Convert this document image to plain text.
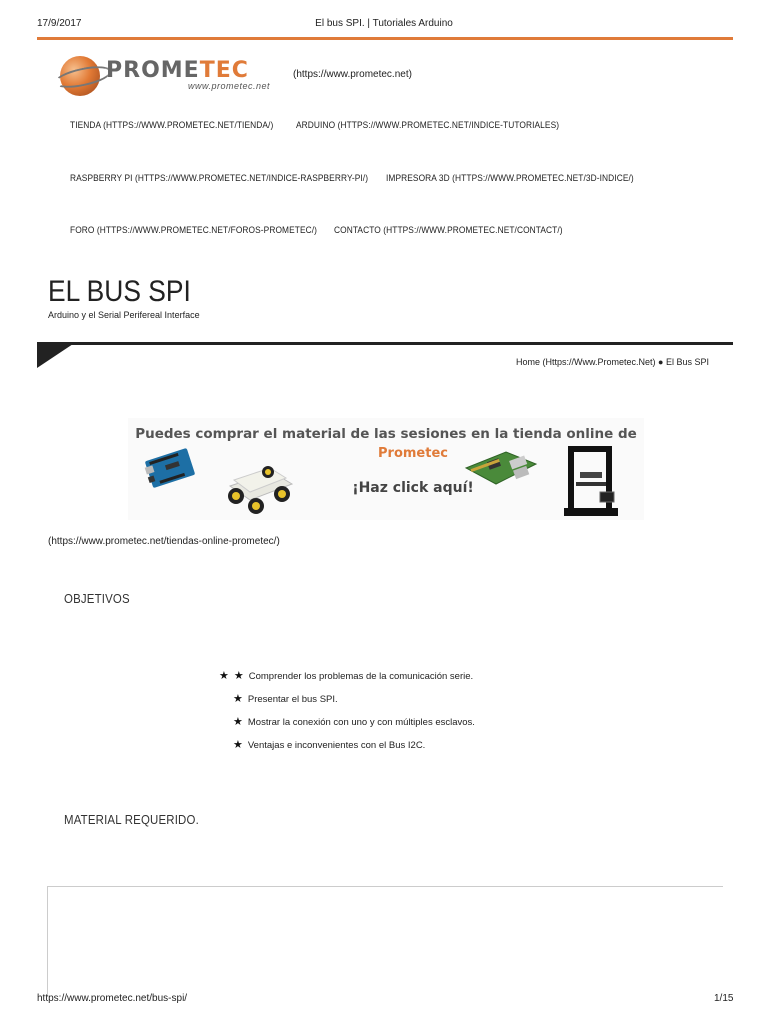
17/9/2017	El bus SPI. | Tutoriales Arduino
PROMETEC
www.prometec.net
(https://www.prometec.net)
TIENDA (HTTPS://WWW.PROMETEC.NET/TIENDA/) ARDUINO (HTTPS://WWW.PROMETEC.NET/INDICE-TUTORIALES)
RASPBERRY PI (HTTPS://WWW.PROMETEC.NET/INDICE-RASPBERRY-PI/) IMPRESORA 3D (HTTPS://WWW.PROMETEC.NET/3D-INDICE/)
FORO (HTTPS://WWW.PROMETEC.NET/FOROS-PROMETEC/) CONTACTO (HTTPS://WWW.PROMETEC.NET/CONTACT/)
EL BUS SPI
Arduino y el Serial Perifereal Interface
Home (Https://Www.Prometec.Net) ● El Bus SPI
Puedes comprar el material de las sesiones en la tienda online de
Prometec
¡Haz click aquí!
(https://www.prometec.net/tiendas-online-prometec/)
OBJETIVOS
★ ★ Comprender los problemas de la comunicación serie.
★ Presentar el bus SPI.
★ Mostrar la conexión con uno y con múltiples esclavos.
★ Ventajas e inconvenientes con el Bus I2C.
MATERIAL REQUERIDO.
https://www.prometec.net/bus-spi/	1/15
